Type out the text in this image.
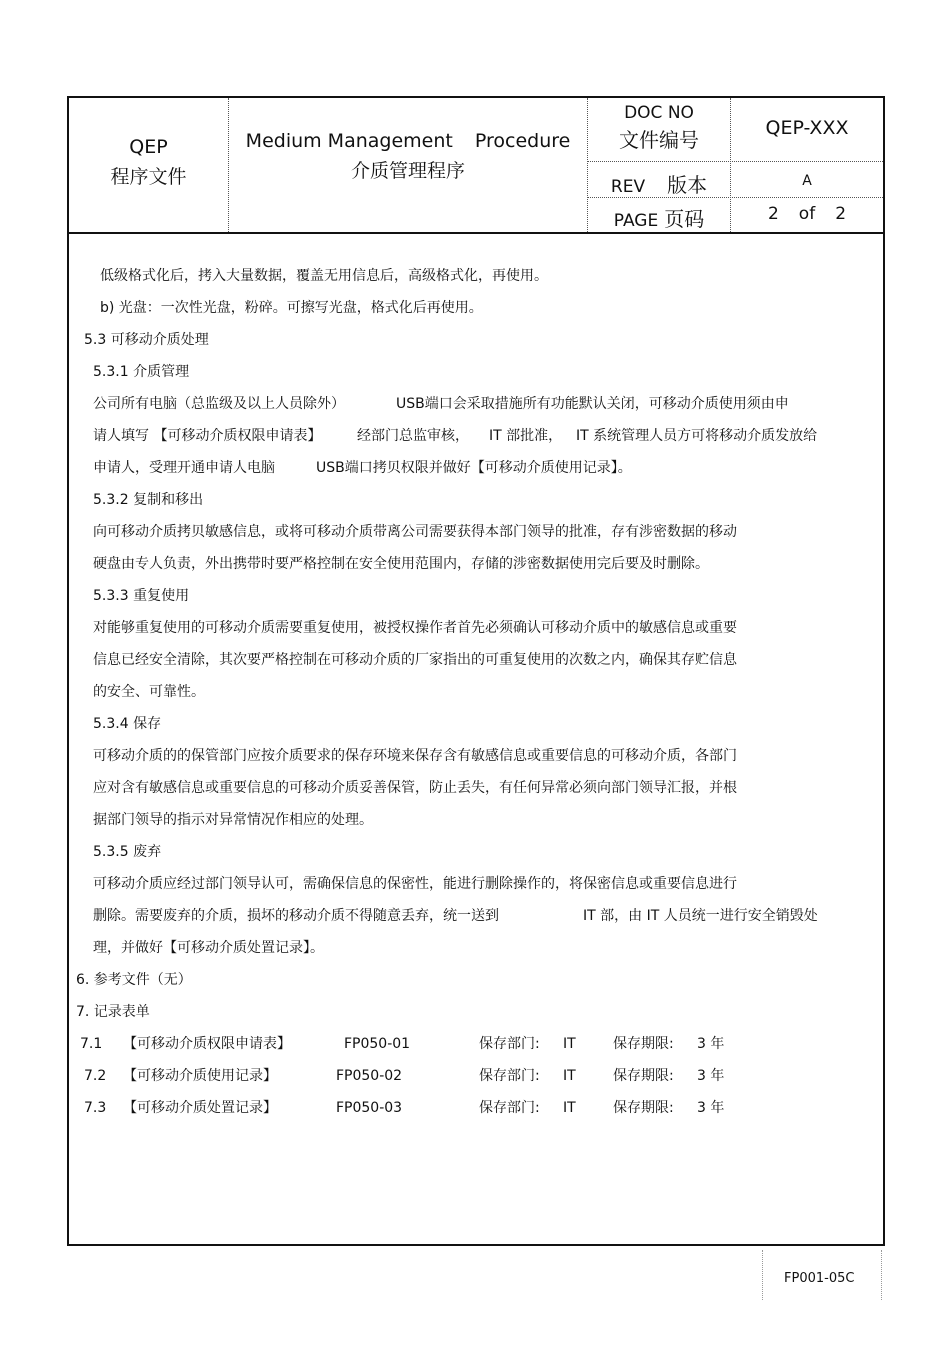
QEP
程序文件
Medium Management Procedure
介质管理程序
DOC NO
文件编号	QEP-XXX
REV 版本	A
PAGE 页码	2 of 2
低级格式化后，拷入大量数据，覆盖无用信息后，高级格式化，再使用。
b) 光盘：一次性光盘，粉碎。可擦写光盘，格式化后再使用。
5.3 可移动介质处理
5.3.1 介质管理
公司所有电脑（总监级及以上人员除外）	USB端口会采取措施所有功能默认关闭，可移动介质使用须由申
请人填写 【可移动介质权限申请表】	经部门总监审核， IT 部批准， IT 系统管理人员方可将移动介质发放给
申请人，受理开通申请人电脑	USB端口拷贝权限并做好【可移动介质使用记录】。
5.3.2 复制和移出
向可移动介质拷贝敏感信息，或将可移动介质带离公司需要获得本部门领导的批准，存有涉密数据的移动
硬盘由专人负责，外出携带时要严格控制在安全使用范围内，存储的涉密数据使用完后要及时删除。
5.3.3 重复使用
对能够重复使用的可移动介质需要重复使用，被授权操作者首先必须确认可移动介质中的敏感信息或重要
信息已经安全清除，其次要严格控制在可移动介质的厂家指出的可重复使用的次数之内，确保其存贮信息
的安全、可靠性。
5.3.4 保存
可移动介质的的保管部门应按介质要求的保存环境来保存含有敏感信息或重要信息的可移动介质，各部门
应对含有敏感信息或重要信息的可移动介质妥善保管，防止丢失，有任何异常必须向部门领导汇报，并根
据部门领导的指示对异常情况作相应的处理。
5.3.5 废弃
可移动介质应经过部门领导认可，需确保信息的保密性，能进行删除操作的，将保密信息或重要信息进行
删除。需要废弃的介质，损坏的移动介质不得随意丢弃，统一送到	IT 部，由 IT 人员统一进行安全销毁处
理，并做好【可移动介质处置记录】。
6. 参考文件（无）
7. 记录表单
7.1 【可移动介质权限申请表】	FP050-01	保存部门: IT	保存期限: 3 年
7.2 【可移动介质使用记录】	FP050-02	保存部门: IT	保存期限: 3 年
7.3 【可移动介质处置记录】	FP050-03	保存部门: IT	保存期限: 3 年
FP001-05C
